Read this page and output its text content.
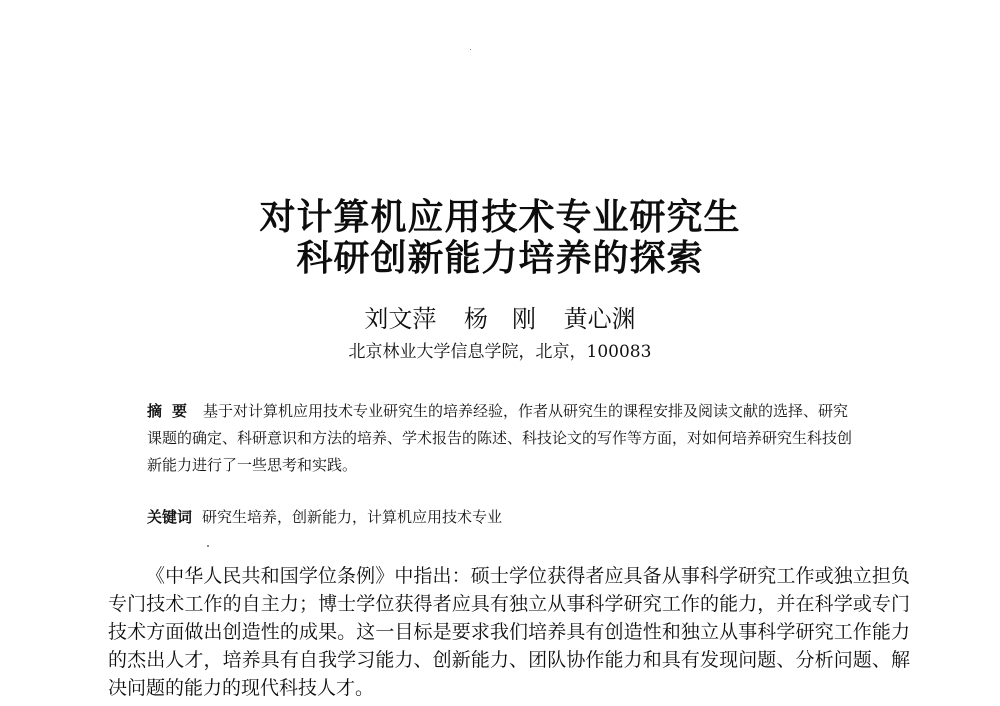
对计算机应用技术专业研究生
科研创新能力培养的探索
刘文萍 杨　刚 黄心渊
北京林业大学信息学院，北京，100083
摘要 基于对计算机应用技术专业研究生的培养经验，作者从研究生的课程安排及阅读文献的选择、研究课题的确定、科研意识和方法的培养、学术报告的陈述、科技论文的写作等方面，对如何培养研究生科技创新能力进行了一些思考和实践。
关键词 研究生培养，创新能力，计算机应用技术专业

《中华人民共和国学位条例》中指出：硕士学位获得者应具备从事科学研究工作或独立担负专门技术工作的自主力；博士学位获得者应具有独立从事科学研究工作的能力，并在科学或专门技术方面做出创造性的成果。这一目标是要求我们培养具有创造性和独立从事科学研究工作能力的杰出人才，培养具有自我学习能力、创新能力、团队协作能力和具有发现问题、分析问题、解决问题的能力的现代科技人才。
